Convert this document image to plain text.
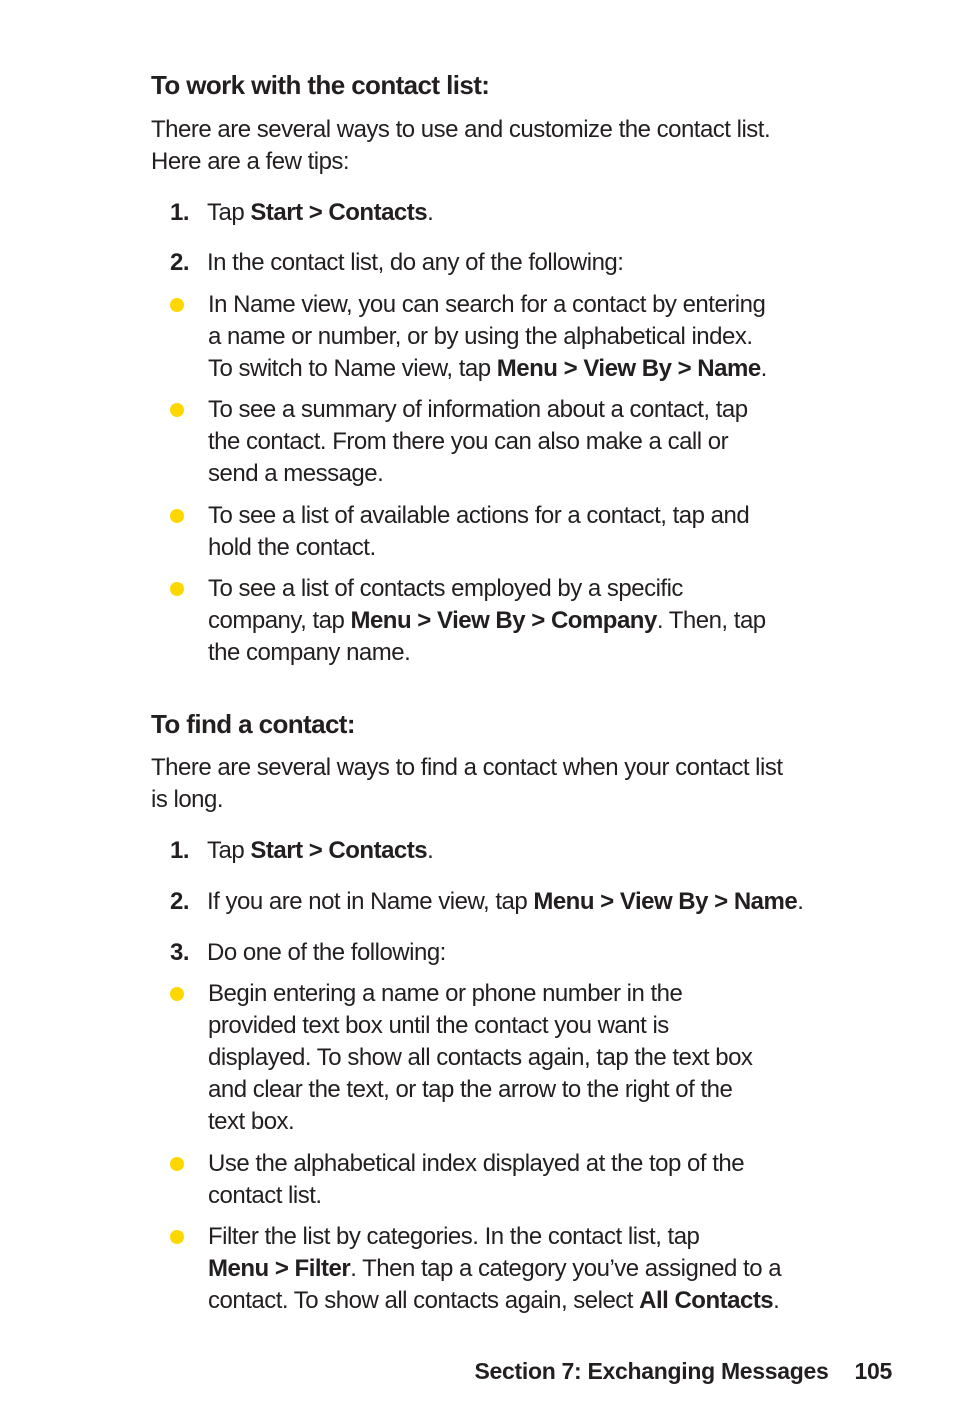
To work with the contact list:
There are several ways to use and customize the contact list.
Here are a few tips:
1. Tap Start > Contacts.
2. In the contact list, do any of the following:
In Name view, you can search for a contact by entering
a name or number, or by using the alphabetical index.
To switch to Name view, tap Menu > View By > Name.
To see a summary of information about a contact, tap
the contact. From there you can also make a call or
send a message.
To see a list of available actions for a contact, tap and
hold the contact.
To see a list of contacts employed by a specific
company, tap Menu > View By > Company. Then, tap
the company name.
To find a contact:
There are several ways to find a contact when your contact list
is long.
1. Tap Start > Contacts.
2. If you are not in Name view, tap Menu > View By > Name.
3. Do one of the following:
Begin entering a name or phone number in the
provided text box until the contact you want is
displayed. To show all contacts again, tap the text box
and clear the text, or tap the arrow to the right of the
text box.
Use the alphabetical index displayed at the top of the
contact list.
Filter the list by categories. In the contact list, tap
Menu > Filter. Then tap a category you’ve assigned to a
contact. To show all contacts again, select All Contacts.
Section 7: Exchanging Messages 105
